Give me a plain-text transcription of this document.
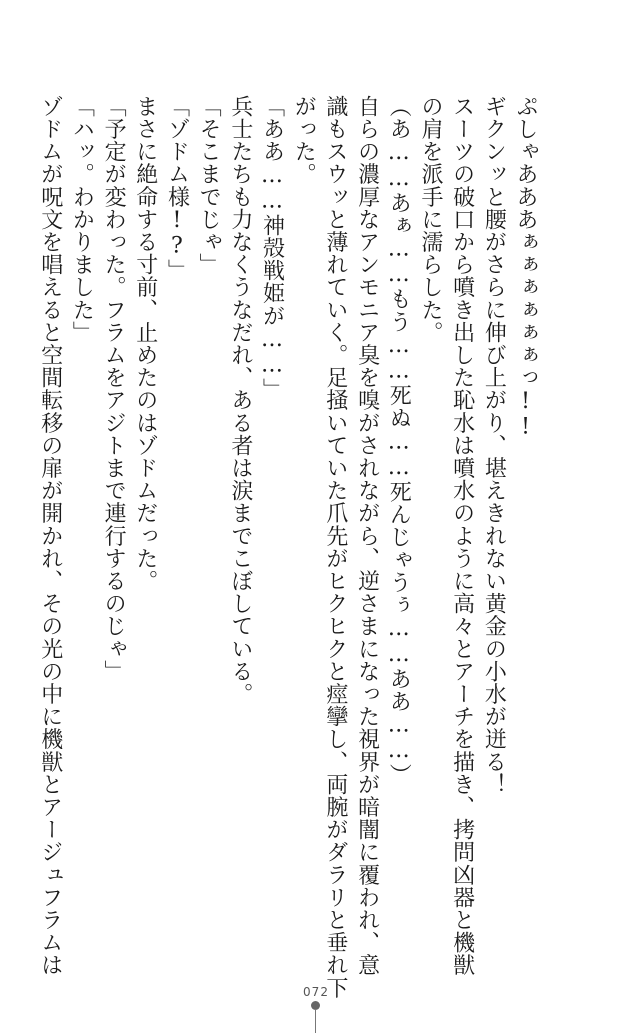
ぷしゃあああぁぁぁぁぁぁっ!!
ギクンッと腰がさらに伸び上がり、堪えきれない黄金の小水が迸る！
スーツの破口から噴き出した恥水は噴水のように高々とアーチを描き、拷問凶器と機獣
の肩を派手に濡らした。
（あ……あぁ……もう……死ぬ……死んじゃうぅ……ああ……）
自らの濃厚なアンモニア臭を嗅がされながら、逆さまになった視界が暗闇に覆われ、意
識もスウッと薄れていく。足掻いていた爪先がヒクヒクと痙攣し、両腕がダラリと垂れ下
がった。
「ああ……神殻戦姫が……」
兵士たちも力なくうなだれ、ある者は涙までこぼしている。
「そこまでじゃ」
「ゾドム様!?」
まさに絶命する寸前、止めたのはゾドムだった。
「予定が変わった。フラムをアジトまで連行するのじゃ」
「ハッ。わかりました」
ゾドムが呪文を唱えると空間転移の扉が開かれ、その光の中に機獣とアージュフラムは
072
